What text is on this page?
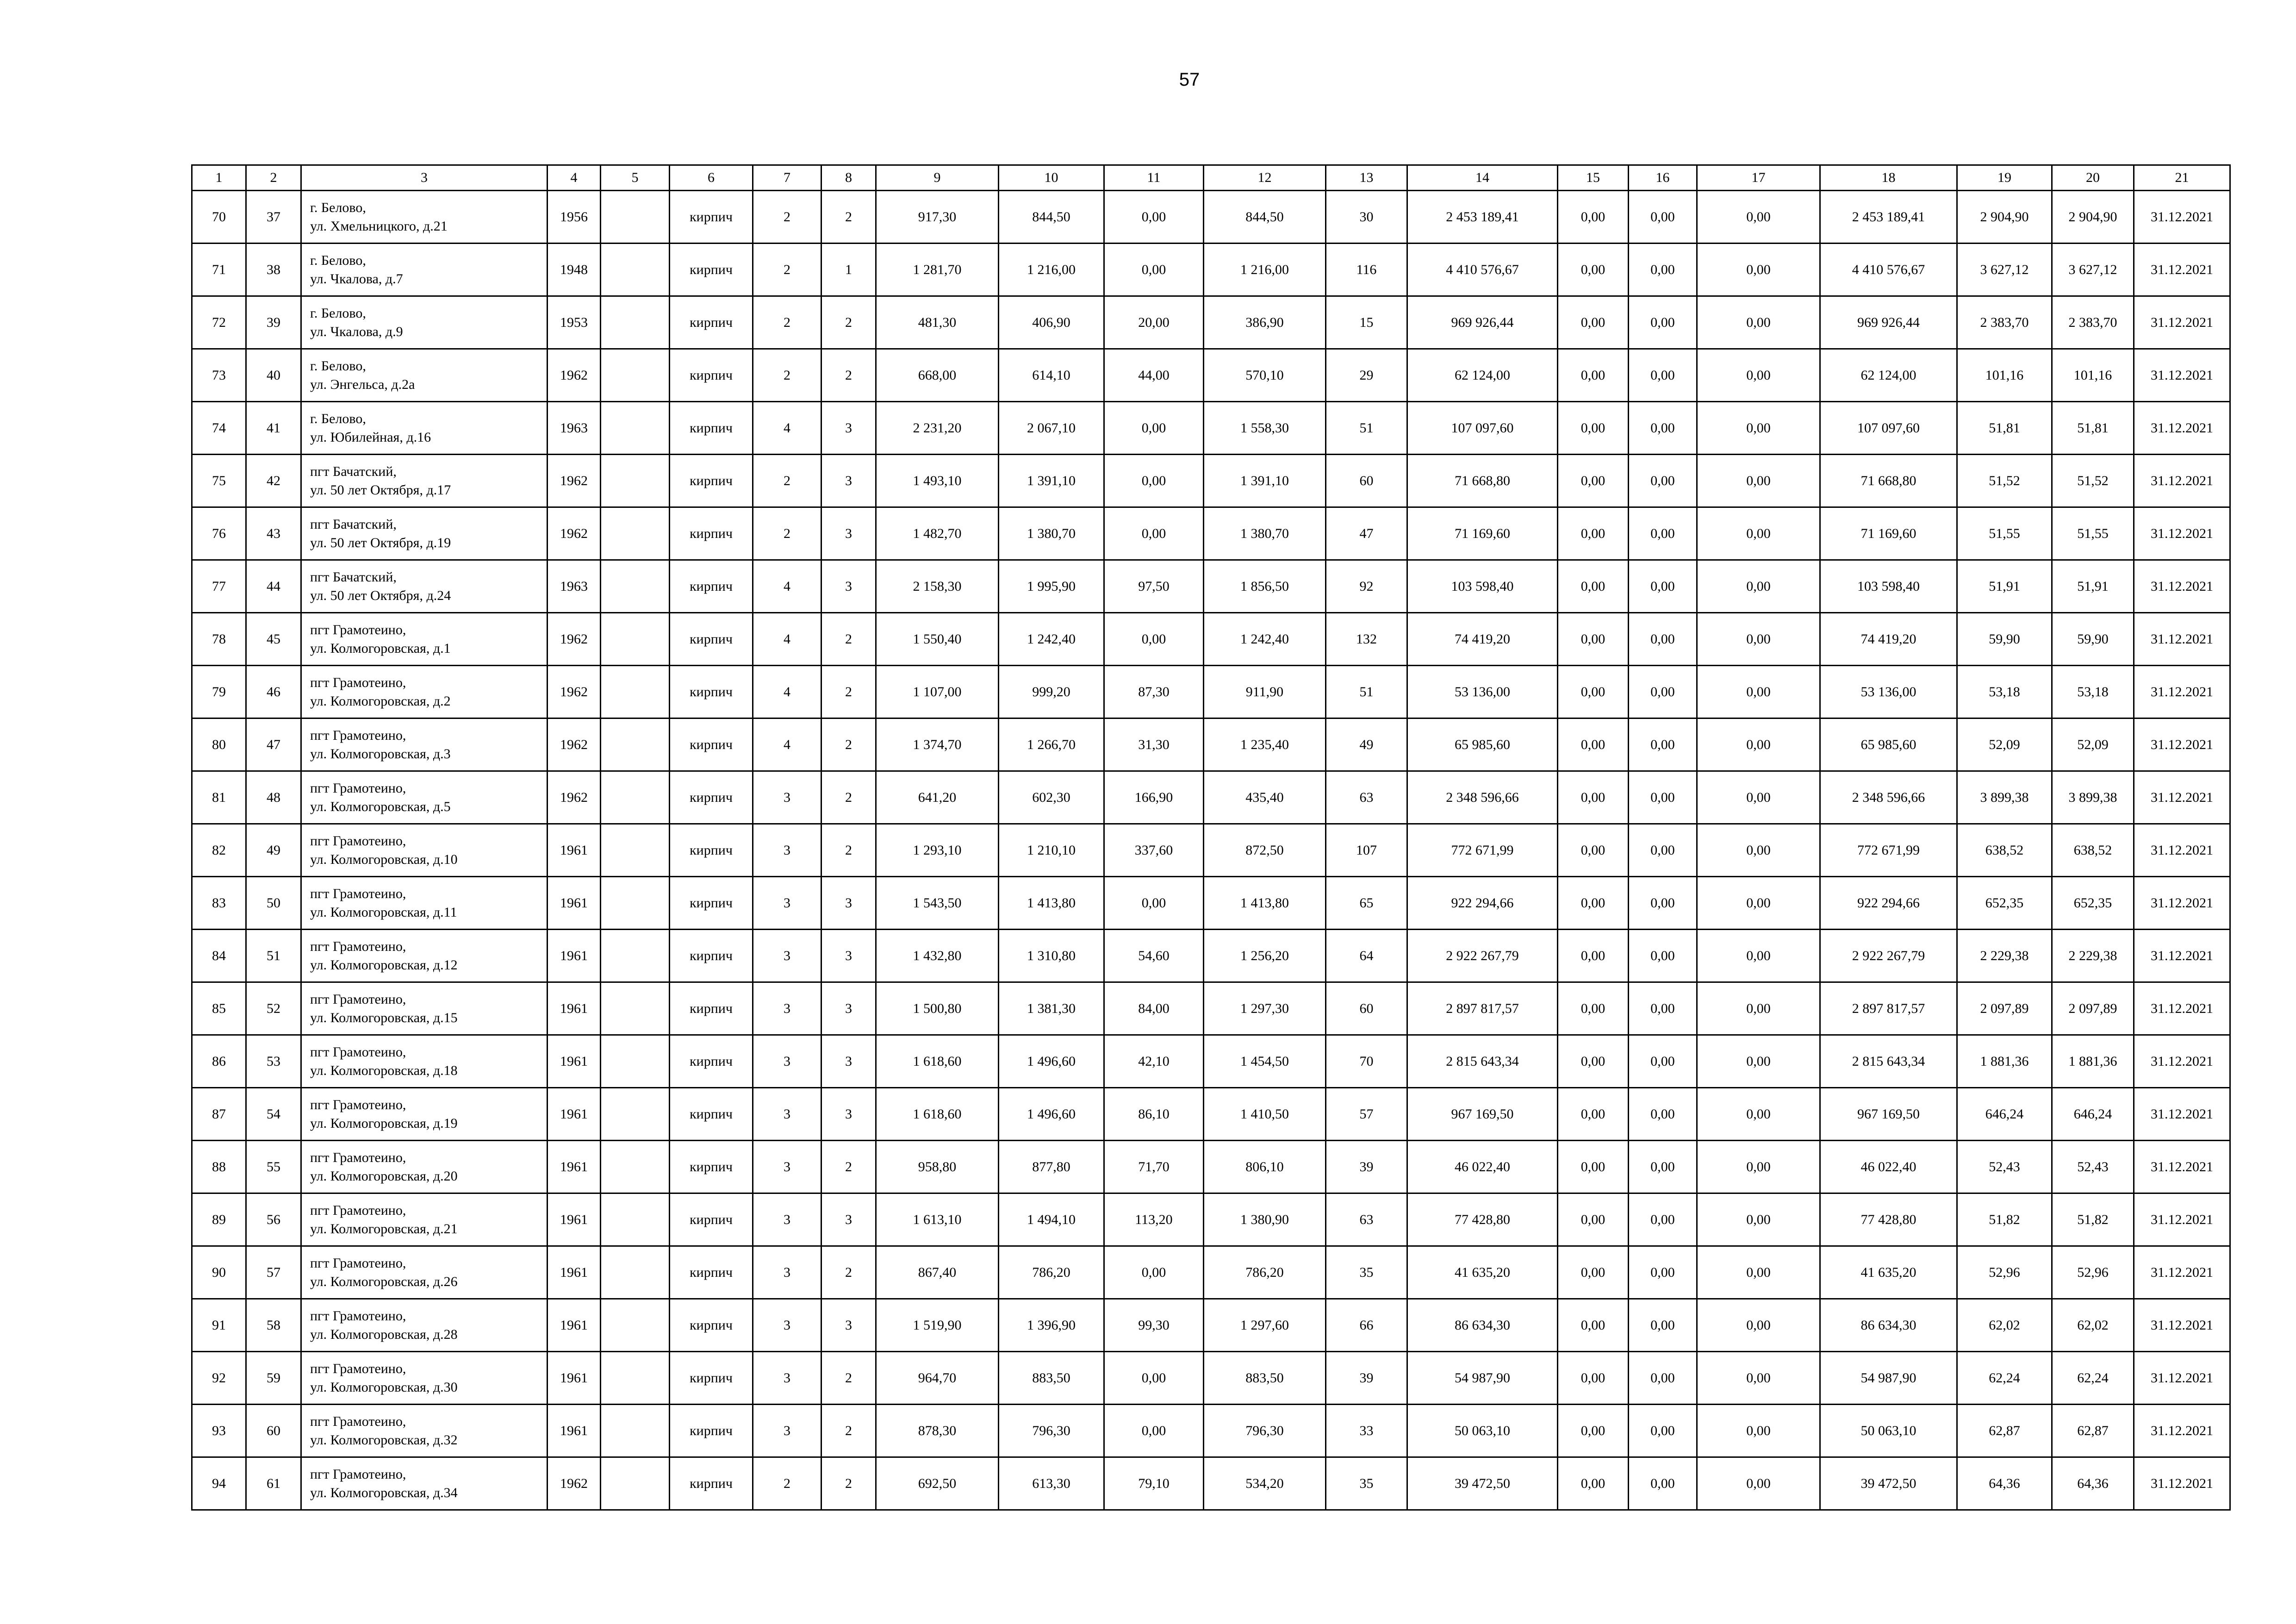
57
1	2	3	4	5	6	7	8	9	10	11	12	13	14	15	16	17	18	19	20	21
70	37	г. Белово,
ул. Хмельницкого, д.21	1956		кирпич	2	2	917,30	844,50	0,00	844,50	30	2 453 189,41	0,00	0,00	0,00	2 453 189,41	2 904,90	2 904,90	31.12.2021
71	38	г. Белово,
ул. Чкалова, д.7	1948		кирпич	2	1	1 281,70	1 216,00	0,00	1 216,00	116	4 410 576,67	0,00	0,00	0,00	4 410 576,67	3 627,12	3 627,12	31.12.2021
72	39	г. Белово,
ул. Чкалова, д.9	1953		кирпич	2	2	481,30	406,90	20,00	386,90	15	969 926,44	0,00	0,00	0,00	969 926,44	2 383,70	2 383,70	31.12.2021
73	40	г. Белово,
ул. Энгельса, д.2а	1962		кирпич	2	2	668,00	614,10	44,00	570,10	29	62 124,00	0,00	0,00	0,00	62 124,00	101,16	101,16	31.12.2021
74	41	г. Белово,
ул. Юбилейная, д.16	1963		кирпич	4	3	2 231,20	2 067,10	0,00	1 558,30	51	107 097,60	0,00	0,00	0,00	107 097,60	51,81	51,81	31.12.2021
75	42	пгт Бачатский,
ул. 50 лет Октября, д.17	1962		кирпич	2	3	1 493,10	1 391,10	0,00	1 391,10	60	71 668,80	0,00	0,00	0,00	71 668,80	51,52	51,52	31.12.2021
76	43	пгт Бачатский,
ул. 50 лет Октября, д.19	1962		кирпич	2	3	1 482,70	1 380,70	0,00	1 380,70	47	71 169,60	0,00	0,00	0,00	71 169,60	51,55	51,55	31.12.2021
77	44	пгт Бачатский,
ул. 50 лет Октября, д.24	1963		кирпич	4	3	2 158,30	1 995,90	97,50	1 856,50	92	103 598,40	0,00	0,00	0,00	103 598,40	51,91	51,91	31.12.2021
78	45	пгт Грамотеино,
ул. Колмогоровская, д.1	1962		кирпич	4	2	1 550,40	1 242,40	0,00	1 242,40	132	74 419,20	0,00	0,00	0,00	74 419,20	59,90	59,90	31.12.2021
79	46	пгт Грамотеино,
ул. Колмогоровская, д.2	1962		кирпич	4	2	1 107,00	999,20	87,30	911,90	51	53 136,00	0,00	0,00	0,00	53 136,00	53,18	53,18	31.12.2021
80	47	пгт Грамотеино,
ул. Колмогоровская, д.3	1962		кирпич	4	2	1 374,70	1 266,70	31,30	1 235,40	49	65 985,60	0,00	0,00	0,00	65 985,60	52,09	52,09	31.12.2021
81	48	пгт Грамотеино,
ул. Колмогоровская, д.5	1962		кирпич	3	2	641,20	602,30	166,90	435,40	63	2 348 596,66	0,00	0,00	0,00	2 348 596,66	3 899,38	3 899,38	31.12.2021
82	49	пгт Грамотеино,
ул. Колмогоровская, д.10	1961		кирпич	3	2	1 293,10	1 210,10	337,60	872,50	107	772 671,99	0,00	0,00	0,00	772 671,99	638,52	638,52	31.12.2021
83	50	пгт Грамотеино,
ул. Колмогоровская, д.11	1961		кирпич	3	3	1 543,50	1 413,80	0,00	1 413,80	65	922 294,66	0,00	0,00	0,00	922 294,66	652,35	652,35	31.12.2021
84	51	пгт Грамотеино,
ул. Колмогоровская, д.12	1961		кирпич	3	3	1 432,80	1 310,80	54,60	1 256,20	64	2 922 267,79	0,00	0,00	0,00	2 922 267,79	2 229,38	2 229,38	31.12.2021
85	52	пгт Грамотеино,
ул. Колмогоровская, д.15	1961		кирпич	3	3	1 500,80	1 381,30	84,00	1 297,30	60	2 897 817,57	0,00	0,00	0,00	2 897 817,57	2 097,89	2 097,89	31.12.2021
86	53	пгт Грамотеино,
ул. Колмогоровская, д.18	1961		кирпич	3	3	1 618,60	1 496,60	42,10	1 454,50	70	2 815 643,34	0,00	0,00	0,00	2 815 643,34	1 881,36	1 881,36	31.12.2021
87	54	пгт Грамотеино,
ул. Колмогоровская, д.19	1961		кирпич	3	3	1 618,60	1 496,60	86,10	1 410,50	57	967 169,50	0,00	0,00	0,00	967 169,50	646,24	646,24	31.12.2021
88	55	пгт Грамотеино,
ул. Колмогоровская, д.20	1961		кирпич	3	2	958,80	877,80	71,70	806,10	39	46 022,40	0,00	0,00	0,00	46 022,40	52,43	52,43	31.12.2021
89	56	пгт Грамотеино,
ул. Колмогоровская, д.21	1961		кирпич	3	3	1 613,10	1 494,10	113,20	1 380,90	63	77 428,80	0,00	0,00	0,00	77 428,80	51,82	51,82	31.12.2021
90	57	пгт Грамотеино,
ул. Колмогоровская, д.26	1961		кирпич	3	2	867,40	786,20	0,00	786,20	35	41 635,20	0,00	0,00	0,00	41 635,20	52,96	52,96	31.12.2021
91	58	пгт Грамотеино,
ул. Колмогоровская, д.28	1961		кирпич	3	3	1 519,90	1 396,90	99,30	1 297,60	66	86 634,30	0,00	0,00	0,00	86 634,30	62,02	62,02	31.12.2021
92	59	пгт Грамотеино,
ул. Колмогоровская, д.30	1961		кирпич	3	2	964,70	883,50	0,00	883,50	39	54 987,90	0,00	0,00	0,00	54 987,90	62,24	62,24	31.12.2021
93	60	пгт Грамотеино,
ул. Колмогоровская, д.32	1961		кирпич	3	2	878,30	796,30	0,00	796,30	33	50 063,10	0,00	0,00	0,00	50 063,10	62,87	62,87	31.12.2021
94	61	пгт Грамотеино,
ул. Колмогоровская, д.34	1962		кирпич	2	2	692,50	613,30	79,10	534,20	35	39 472,50	0,00	0,00	0,00	39 472,50	64,36	64,36	31.12.2021
